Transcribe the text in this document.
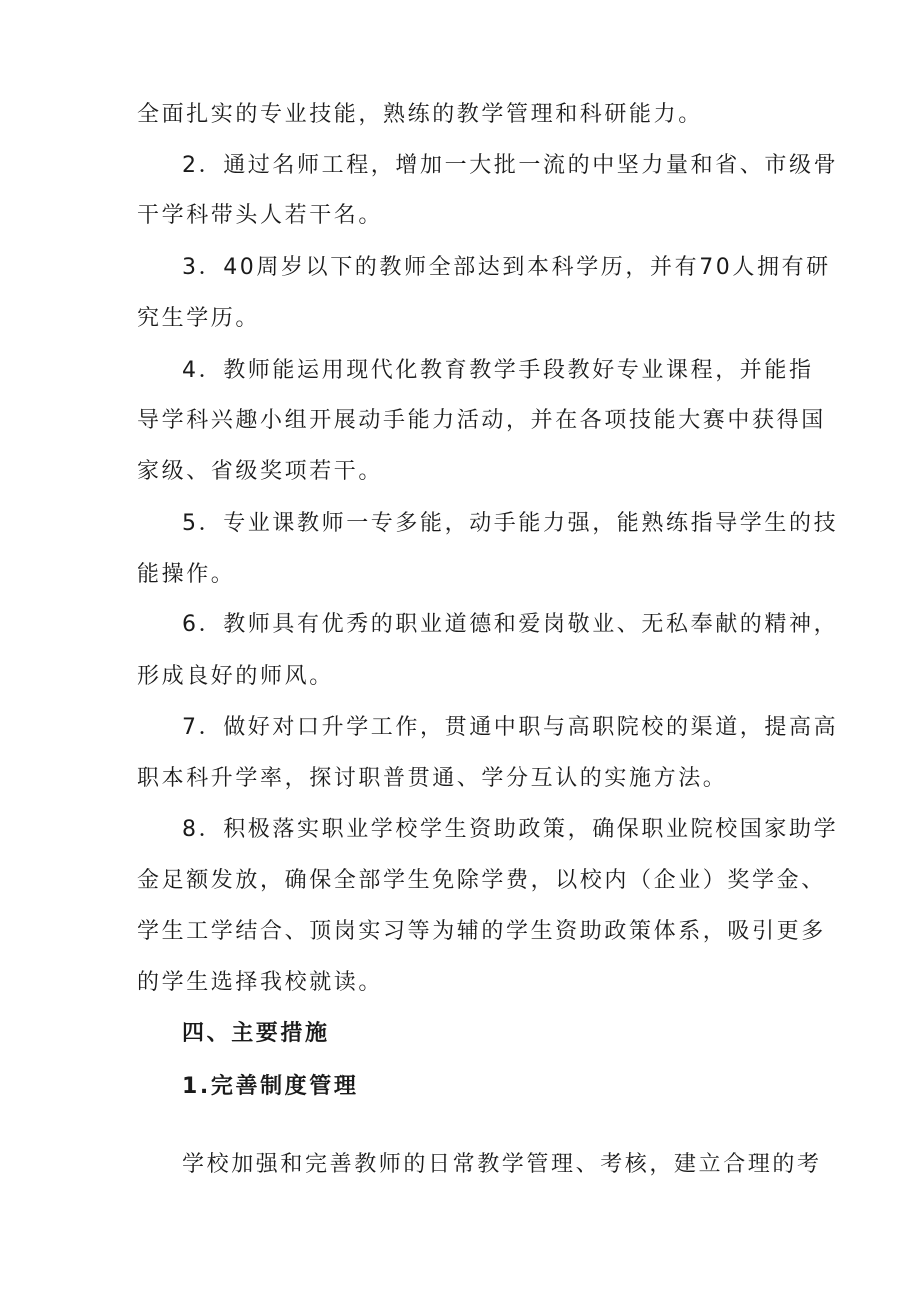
全面扎实的专业技能，熟练的教学管理和科研能力。

2．通过名师工程，增加一大批一流的中坚力量和省、市级骨

干学科带头人若干名。

3．40周岁以下的教师全部达到本科学历，并有70人拥有研

究生学历。

4．教师能运用现代化教育教学手段教好专业课程，并能指

导学科兴趣小组开展动手能力活动，并在各项技能大赛中获得国

家级、省级奖项若干。

5．专业课教师一专多能，动手能力强，能熟练指导学生的技

能操作。

6．教师具有优秀的职业道德和爱岗敬业、无私奉献的精神，

形成良好的师风。

7．做好对口升学工作，贯通中职与高职院校的渠道，提高高

职本科升学率，探讨职普贯通、学分互认的实施方法。

8．积极落实职业学校学生资助政策，确保职业院校国家助学

金足额发放，确保全部学生免除学费，以校内（企业）奖学金、

学生工学结合、顶岗实习等为辅的学生资助政策体系，吸引更多

的学生选择我校就读。

四、主要措施

1.完善制度管理

学校加强和完善教师的日常教学管理、考核，建立合理的考
